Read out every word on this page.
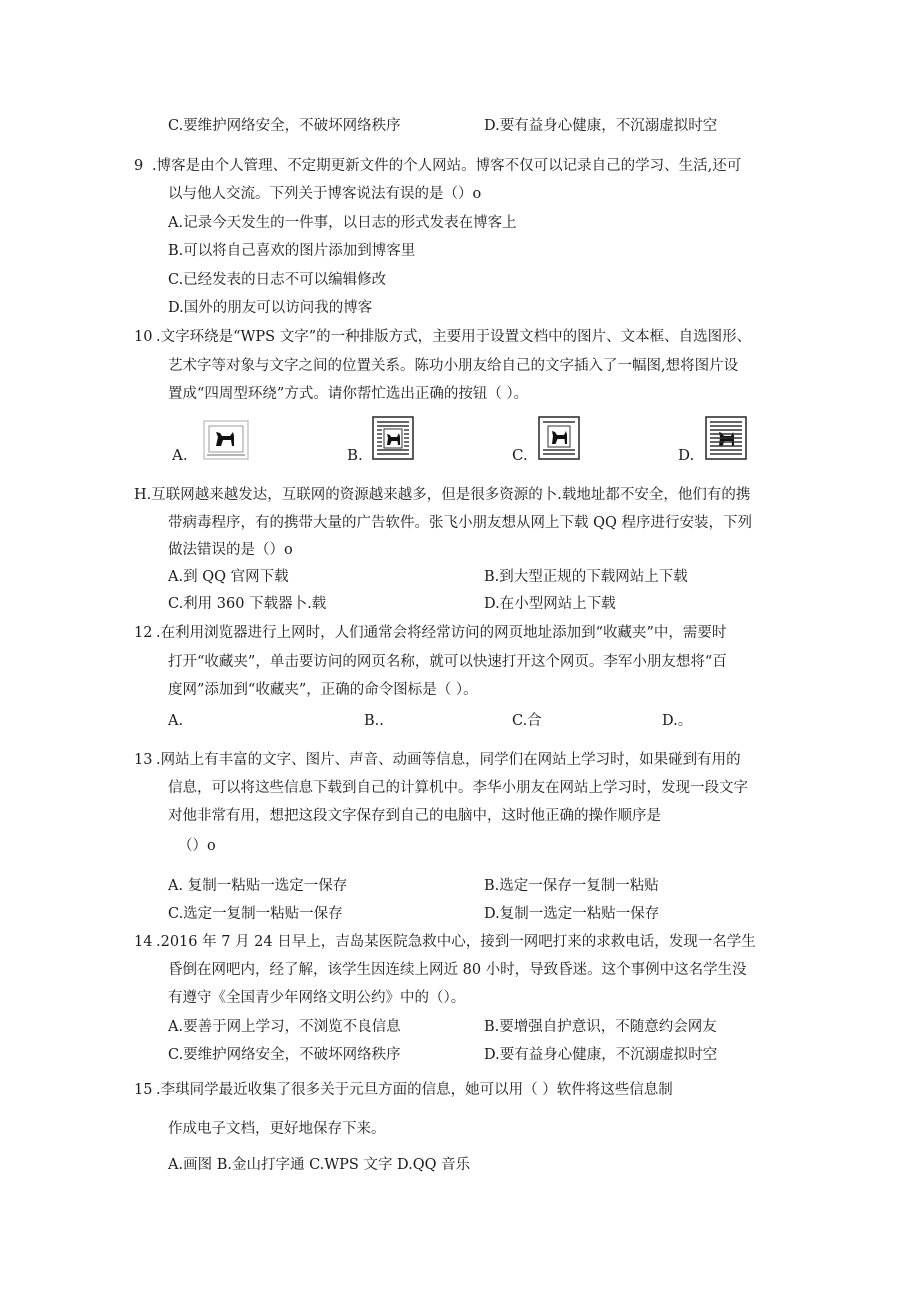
C.要维护网络安全，不破坏网络秩序	D.要有益身心健康，不沉溺虚拟时空
9 .博客是由个人管理、不定期更新文件的个人网站。博客不仅可以记录自己的学习、生活,还可
以与他人交流。下列关于博客说法有误的是（）o
A.记录今天发生的一件事，以日志的形式发表在博客上
B.可以将自己喜欢的图片添加到博客里
C.已经发表的日志不可以编辑修改
D.国外的朋友可以访问我的博客
10 .文字环绕是“WPS 文字”的一种排版方式，主要用于设置文档中的图片、文本框、自选图形、
艺术字等对象与文字之间的位置关系。陈功小朋友给自己的文字插入了一幅图,想将图片设
置成“四周型环绕”方式。请你帮忙选出正确的按钮（ ）。
A.	B.	C.	D.
H.互联网越来越发达，互联网的资源越来越多，但是很多资源的卜.载地址都不安全，他们有的携
带病毒程序，有的携带大量的广告软件。张飞小朋友想从网上下载 QQ 程序进行安装，下列
做法错误的是（）o
A.到 QQ 官网下载	B.到大型正规的下载网站上下载
C.利用 360 下载器卜.载	D.在小型网站上下载
12 .在利用浏览器进行上网时，人们通常会将经常访问的网页地址添加到“收藏夹”中，需要时
打开“收藏夹”，单击要访问的网页名称，就可以快速打开这个网页。李军小朋友想将“百
度网”添加到“收藏夹”，正确的命令图标是（ ）。
A.	B..	C.合	D.。
13 .网站上有丰富的文字、图片、声音、动画等信息，同学们在网站上学习时，如果碰到有用的
信息，可以将这些信息下载到自己的计算机中。李华小朋友在网站上学习时，发现一段文字
对他非常有用，想把这段文字保存到自己的电脑中，这时他正确的操作顺序是
（）o
A. 复制一粘贴一选定一保存	B.选定一保存一复制一粘贴
C.选定一复制一粘贴一保存	D.复制一选定一粘贴一保存
14 .2016 年 7 月 24 日早上，吉岛某医院急救中心，接到一网吧打来的求救电话，发现一名学生
昏倒在网吧内，经了解，该学生因连续上网近 80 小时，导致昏迷。这个事例中这名学生没
有遵守《全国青少年网络文明公约》中的（）。
A.要善于网上学习，不浏览不良信息	B.要增强自护意识，不随意约会网友
C.要维护网络安全，不破坏网络秩序	D.要有益身心健康，不沉溺虚拟时空
15 .李琪同学最近收集了很多关于元旦方面的信息，她可以用（ ）软件将这些信息制
作成电子文档，更好地保存下来。
A.画图 B.金山打字通 C.WPS 文字 D.QQ 音乐
